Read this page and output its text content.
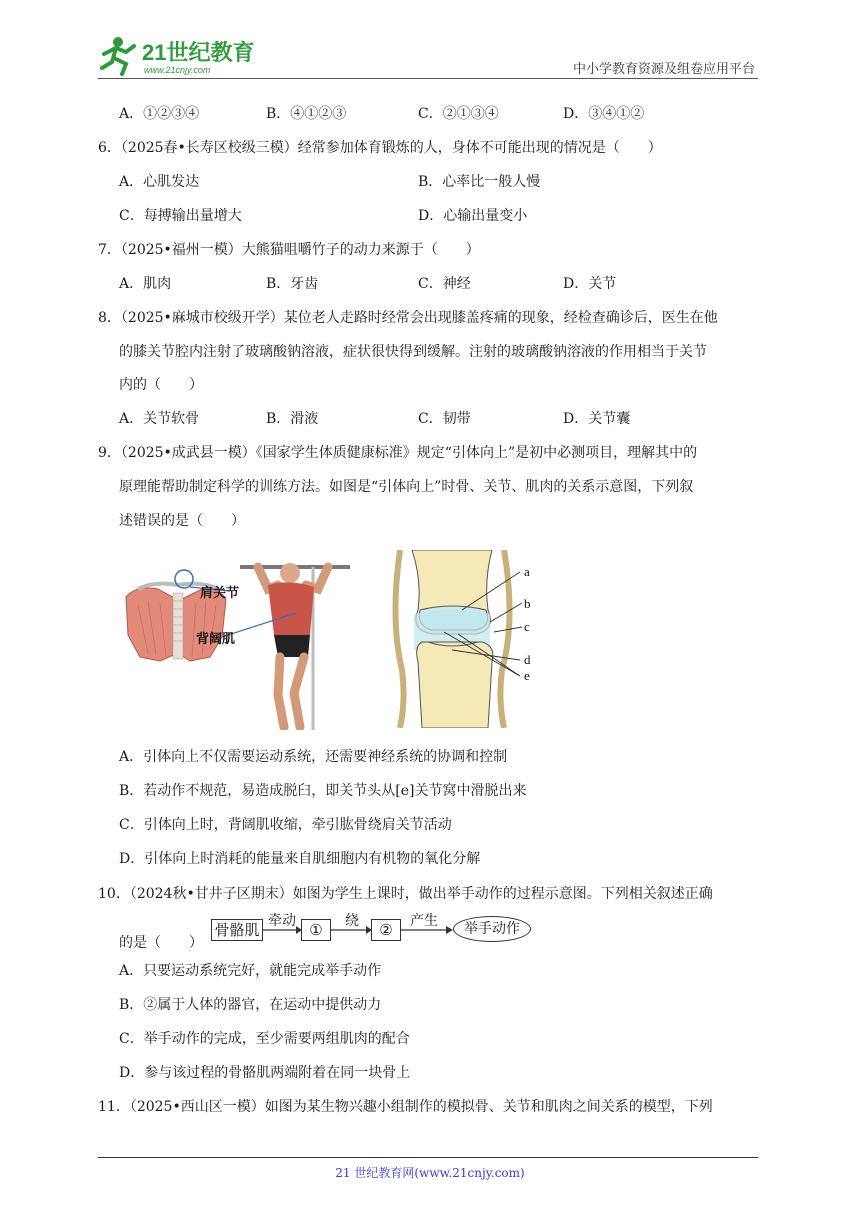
21世纪教育
www.21cnjy.com	中小学教育资源及组卷应用平台
A．①②③④	B．④①②③	C．②①③④	D．③④①②
6．（2025春•长寿区校级三模）经常参加体育锻炼的人，身体不可能出现的情况是（　　）
A．心肌发达	B．心率比一般人慢
C．每搏输出量增大	D．心输出量变小
7．（2025•福州一模）大熊猫咀嚼竹子的动力来源于（　　）
A．肌肉	B．牙齿	C．神经	D．关节
8．（2025•麻城市校级开学）某位老人走路时经常会出现膝盖疼痛的现象，经检查确诊后，医生在他
的膝关节腔内注射了玻璃酸钠溶液，症状很快得到缓解。注射的玻璃酸钠溶液的作用相当于关节
内的（　　）
A．关节软骨	B．滑液	C．韧带	D．关节囊
9．（2025•成武县一模）《国家学生体质健康标准》规定“引体向上”是初中必测项目，理解其中的
原理能帮助制定科学的训练方法。如图是“引体向上”时骨、关节、肌肉的关系示意图，下列叙
述错误的是（　　）
肩关节
背阔肌
a
b
c
d
e
A．引体向上不仅需要运动系统，还需要神经系统的协调和控制
B．若动作不规范，易造成脱臼，即关节头从[e]关节窝中滑脱出来
C．引体向上时，背阔肌收缩，牵引肱骨绕肩关节活动
D．引体向上时消耗的能量来自肌细胞内有机物的氧化分解
10．（2024秋•甘井子区期末）如图为学生上课时，做出举手动作的过程示意图。下列相关叙述正确
的是（　　）
骨骼肌 牵动 ①	绕	②	产生	举手动作
A．只要运动系统完好，就能完成举手动作
B．②属于人体的器官，在运动中提供动力
C．举手动作的完成，至少需要两组肌肉的配合
D．参与该过程的骨骼肌两端附着在同一块骨上
11．（2025•西山区一模）如图为某生物兴趣小组制作的模拟骨、关节和肌肉之间关系的模型，下列
21 世纪教育网(www.21cnjy.com)
